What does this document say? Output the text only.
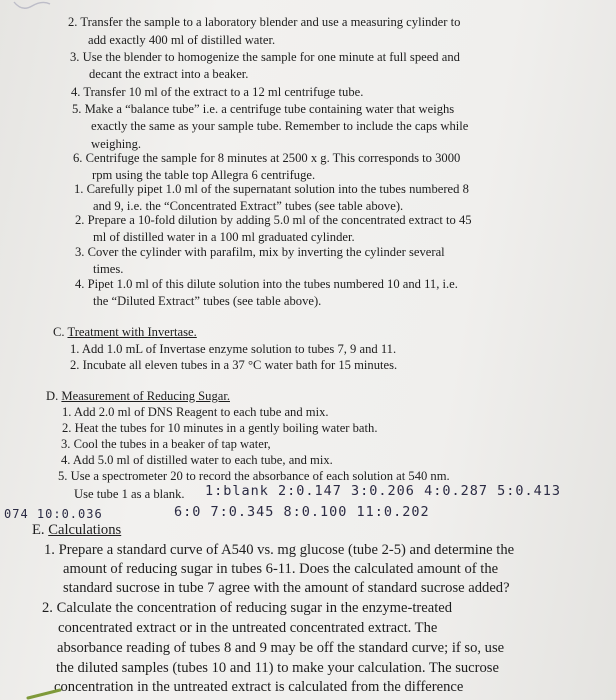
2. Transfer the sample to a laboratory blender and use a measuring cylinder to
add exactly 400 ml of distilled water.
3. Use the blender to homogenize the sample for one minute at full speed and
decant the extract into a beaker.
4. Transfer 10 ml of the extract to a 12 ml centrifuge tube.
5. Make a “balance tube” i.e. a centrifuge tube containing water that weighs
exactly the same as your sample tube. Remember to include the caps while
weighing.
6. Centrifuge the sample for 8 minutes at 2500 x g. This corresponds to 3000
rpm using the table top Allegra 6 centrifuge.
1. Carefully pipet 1.0 ml of the supernatant solution into the tubes numbered 8
and 9, i.e. the “Concentrated Extract” tubes (see table above).
2. Prepare a 10-fold dilution by adding 5.0 ml of the concentrated extract to 45
ml of distilled water in a 100 ml graduated cylinder.
3. Cover the cylinder with parafilm, mix by inverting the cylinder several
times.
4. Pipet 1.0 ml of this dilute solution into the tubes numbered 10 and 11, i.e.
the “Diluted Extract” tubes (see table above).
C. Treatment with Invertase.
1. Add 1.0 mL of Invertase enzyme solution to tubes 7, 9 and 11.
2. Incubate all eleven tubes in a 37 °C water bath for 15 minutes.
D. Measurement of Reducing Sugar.
1. Add 2.0 ml of DNS Reagent to each tube and mix.
2. Heat the tubes for 10 minutes in a gently boiling water bath.
3. Cool the tubes in a beaker of tap water,
4. Add 5.0 ml of distilled water to each tube, and mix.
5. Use a spectrometer 20 to record the absorbance of each solution at 540 nm.
Use tube 1 as a blank. 1:blank 2:0.147 3:0.206 4:0.287 5:0.413
074 10:0.036	6:0 7:0.345 8:0.100 11:0.202
E. Calculations
1. Prepare a standard curve of A540 vs. mg glucose (tube 2-5) and determine the
amount of reducing sugar in tubes 6-11. Does the calculated amount of the
standard sucrose in tube 7 agree with the amount of standard sucrose added?
2. Calculate the concentration of reducing sugar in the enzyme-treated
concentrated extract or in the untreated concentrated extract. The
absorbance reading of tubes 8 and 9 may be off the standard curve; if so, use
the diluted samples (tubes 10 and 11) to make your calculation. The sucrose
concentration in the untreated extract is calculated from the difference
